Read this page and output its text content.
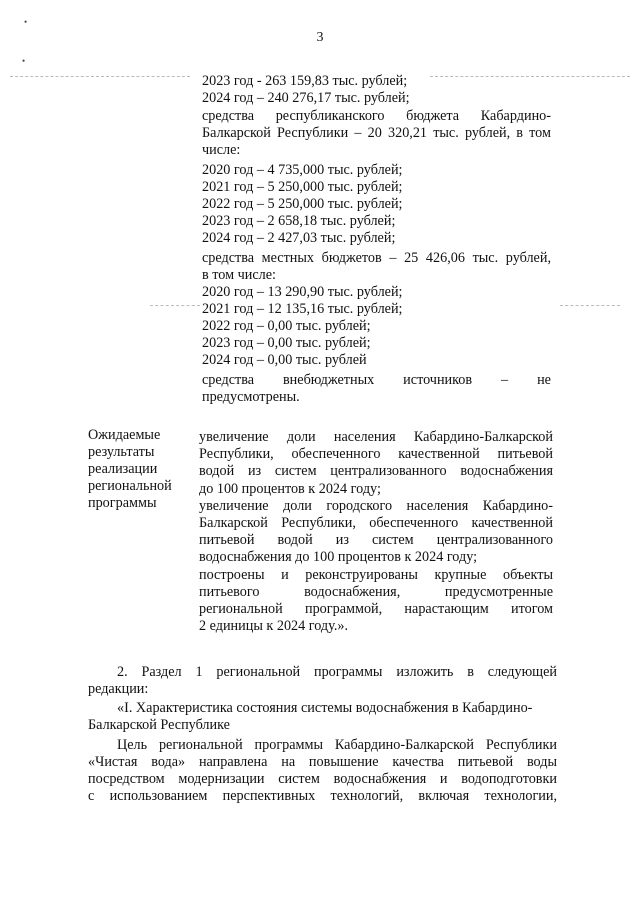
3
•
•
2023 год - 263 159,83 тыс. рублей;
2024 год – 240 276,17 тыс. рублей;
средства республиканского бюджета Кабардино-
Балкарской Республики – 20 320,21 тыс. рублей, в том
числе:
2020 год – 4 735,000 тыс. рублей;
2021 год – 5 250,000 тыс. рублей;
2022 год – 5 250,000 тыс. рублей;
2023 год – 2 658,18 тыс. рублей;
2024 год – 2 427,03 тыс. рублей;
средства местных бюджетов – 25 426,06 тыс. рублей,
в том числе:
2020 год – 13 290,90 тыс. рублей;
2021 год – 12 135,16 тыс. рублей;
2022 год – 0,00 тыс. рублей;
2023 год – 0,00 тыс. рублей;
2024 год – 0,00 тыс. рублей
средства внебюджетных источников – не
предусмотрены.
Ожидаемые
результаты
реализации
региональной
программы
увеличение доли населения Кабардино-Балкарской
Республики, обеспеченного качественной питьевой
водой из систем централизованного водоснабжения
до 100 процентов к 2024 году;
увеличение доли городского населения Кабардино-
Балкарской Республики, обеспеченного качественной
питьевой водой из систем централизованного
водоснабжения до 100 процентов к 2024 году;
построены и реконструированы крупные объекты
питьевого водоснабжения, предусмотренные
региональной программой, нарастающим итогом
2 единицы к 2024 году.».
2. Раздел 1 региональной программы изложить в следующей
редакции:
«I. Характеристика состояния системы водоснабжения в Кабардино-
Балкарской Республике
Цель региональной программы Кабардино-Балкарской Республики
«Чистая вода» направлена на повышение качества питьевой воды
посредством модернизации систем водоснабжения и водоподготовки
с использованием перспективных технологий, включая технологии,
